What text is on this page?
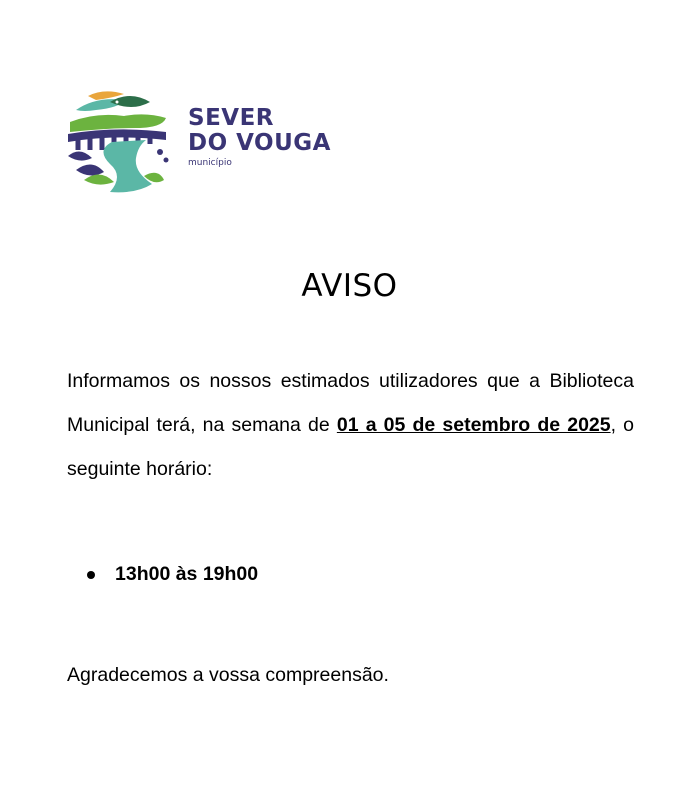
SEVER
DO VOUGA
município
AVISO

Informamos os nossos estimados utilizadores que a Biblioteca Municipal terá, na semana de 01 a 05 de setembro de 2025, o seguinte horário:

13h00 às 19h00

Agradecemos a vossa compreensão.
